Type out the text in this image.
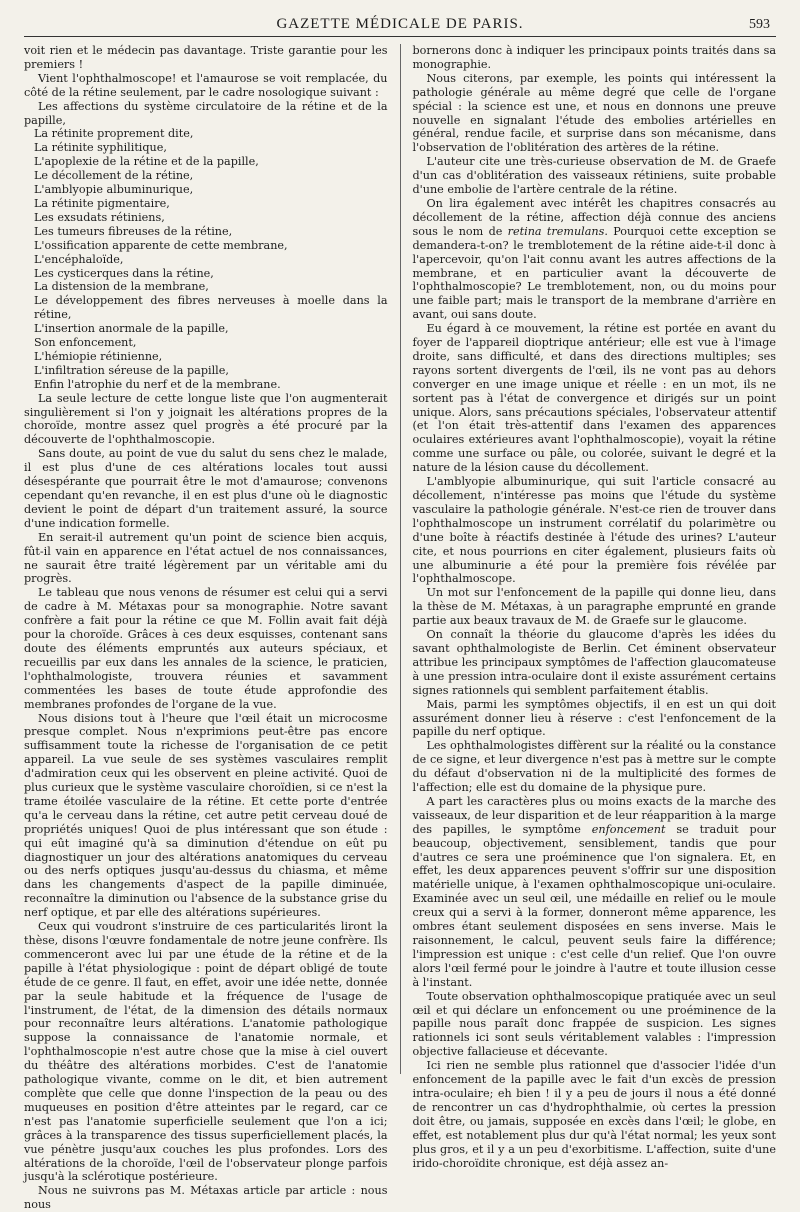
GAZETTE MÉDICALE DE PARIS.	593

voit rien et le médecin pas davantage. Triste garantie pour les premiers !

Vient l'ophthalmoscope! et l'amaurose se voit remplacée, du côté de la rétine seulement, par le cadre nosologique suivant :

Les affections du système circulatoire de la rétine et de la papille,

La rétinite proprement dite,
La rétinite syphilitique,
L'apoplexie de la rétine et de la papille,
Le décollement de la rétine,
L'amblyopie albuminurique,
La rétinite pigmentaire,
Les exsudats rétiniens,
Les tumeurs fibreuses de la rétine,
L'ossification apparente de cette membrane,
L'encéphaloïde,
Les cysticerques dans la rétine,
La distension de la membrane,
Le développement des fibres nerveuses à moelle dans la rétine,
L'insertion anormale de la papille,
Son enfoncement,
L'hémiopie rétinienne,
L'infiltration séreuse de la papille,
Enfin l'atrophie du nerf et de la membrane.

La seule lecture de cette longue liste que l'on augmenterait singulièrement si l'on y joignait les altérations propres de la choroïde, montre assez quel progrès a été procuré par la découverte de l'ophthalmoscopie.

Sans doute, au point de vue du salut du sens chez le malade, il est plus d'une de ces altérations locales tout aussi désespérante que pourrait être le mot d'amaurose; convenons cependant qu'en revanche, il en est plus d'une où le diagnostic devient le point de départ d'un traitement assuré, la source d'une indication formelle.

En serait-il autrement qu'un point de science bien acquis, fût-il vain en apparence en l'état actuel de nos connaissances, ne saurait être traité légèrement par un véritable ami du progrès.

Le tableau que nous venons de résumer est celui qui a servi de cadre à M. Métaxas pour sa monographie. Notre savant confrère a fait pour la rétine ce que M. Follin avait fait déjà pour la choroïde. Grâces à ces deux esquisses, contenant sans doute des éléments empruntés aux auteurs spéciaux, et recueillis par eux dans les annales de la science, le praticien, l'ophthalmologiste, trouvera réunies et savamment commentées les bases de toute étude approfondie des membranes profondes de l'organe de la vue.

Nous disions tout à l'heure que l'œil était un microcosme presque complet. Nous n'exprimions peut-être pas encore suffisamment toute la richesse de l'organisation de ce petit appareil. La vue seule de ses systèmes vasculaires remplit d'admiration ceux qui les observent en pleine activité. Quoi de plus curieux que le système vasculaire choroïdien, si ce n'est la trame étoilée vasculaire de la rétine. Et cette porte d'entrée qu'a le cerveau dans la rétine, cet autre petit cerveau doué de propriétés uniques! Quoi de plus intéressant que son étude : qui eût imaginé qu'à sa diminution d'étendue on eût pu diagnostiquer un jour des altérations anatomiques du cerveau ou des nerfs optiques jusqu'au-dessus du chiasma, et même dans les changements d'aspect de la papille diminuée, reconnaître la diminution ou l'absence de la substance grise du nerf optique, et par elle des altérations supérieures.

Ceux qui voudront s'instruire de ces particularités liront la thèse, disons l'œuvre fondamentale de notre jeune confrère. Ils commenceront avec lui par une étude de la rétine et de la papille à l'état physiologique : point de départ obligé de toute étude de ce genre. Il faut, en effet, avoir une idée nette, donnée par la seule habitude et la fréquence de l'usage de l'instrument, de l'état, de la dimension des détails normaux pour reconnaître leurs altérations. L'anatomie pathologique suppose la connaissance de l'anatomie normale, et l'ophthalmoscopie n'est autre chose que la mise à ciel ouvert du théâtre des altérations morbides. C'est de l'anatomie pathologique vivante, comme on le dit, et bien autrement complète que celle que donne l'inspection de la peau ou des muqueuses en position d'être atteintes par le regard, car ce n'est pas l'anatomie superficielle seulement que l'on a ici; grâces à la transparence des tissus superficiellement placés, la vue pénètre jusqu'aux couches les plus profondes. Lors des altérations de la choroïde, l'œil de l'observateur plonge parfois jusqu'à la sclérotique postérieure.

Nous ne suivrons pas M. Métaxas article par article : nous nous

bornerons donc à indiquer les principaux points traités dans sa monographie.

Nous citerons, par exemple, les points qui intéressent la pathologie générale au même degré que celle de l'organe spécial : la science est une, et nous en donnons une preuve nouvelle en signalant l'étude des embolies artérielles en général, rendue facile, et surprise dans son mécanisme, dans l'observation de l'oblitération des artères de la rétine.

L'auteur cite une très-curieuse observation de M. de Graefe d'un cas d'oblitération des vaisseaux rétiniens, suite probable d'une embolie de l'artère centrale de la rétine.

On lira également avec intérêt les chapitres consacrés au décollement de la rétine, affection déjà connue des anciens sous le nom de retina tremulans. Pourquoi cette exception se demandera-t-on? le tremblotement de la rétine aide-t-il donc à l'apercevoir, qu'on l'ait connu avant les autres affections de la membrane, et en particulier avant la découverte de l'ophthalmoscopie? Le tremblotement, non, ou du moins pour une faible part; mais le transport de la membrane d'arrière en avant, oui sans doute.

Eu égard à ce mouvement, la rétine est portée en avant du foyer de l'appareil dioptrique antérieur; elle est vue à l'image droite, sans difficulté, et dans des directions multiples; ses rayons sortent divergents de l'œil, ils ne vont pas au dehors converger en une image unique et réelle : en un mot, ils ne sortent pas à l'état de convergence et dirigés sur un point unique. Alors, sans précautions spéciales, l'observateur attentif (et l'on était très-attentif dans l'examen des apparences oculaires extérieures avant l'ophthalmoscopie), voyait la rétine comme une surface ou pâle, ou colorée, suivant le degré et la nature de la lésion cause du décollement.

L'amblyopie albuminurique, qui suit l'article consacré au décollement, n'intéresse pas moins que l'étude du système vasculaire la pathologie générale. N'est-ce rien de trouver dans l'ophthalmoscope un instrument corrélatif du polarimètre ou d'une boîte à réactifs destinée à l'étude des urines? L'auteur cite, et nous pourrions en citer également, plusieurs faits où une albuminurie a été pour la première fois révélée par l'ophthalmoscope.

Un mot sur l'enfoncement de la papille qui donne lieu, dans la thèse de M. Métaxas, à un paragraphe emprunté en grande partie aux beaux travaux de M. de Graefe sur le glaucome.

On connaît la théorie du glaucome d'après les idées du savant ophthalmologiste de Berlin. Cet éminent observateur attribue les principaux symptômes de l'affection glaucomateuse à une pression intra-oculaire dont il existe assurément certains signes rationnels qui semblent parfaitement établis.

Mais, parmi les symptômes objectifs, il en est un qui doit assurément donner lieu à réserve : c'est l'enfoncement de la papille du nerf optique.

Les ophthalmologistes diffèrent sur la réalité ou la constance de ce signe, et leur divergence n'est pas à mettre sur le compte du défaut d'observation ni de la multiplicité des formes de l'affection; elle est du domaine de la physique pure.

A part les caractères plus ou moins exacts de la marche des vaisseaux, de leur disparition et de leur réapparition à la marge des papilles, le symptôme enfoncement se traduit pour beaucoup, objectivement, sensiblement, tandis que pour d'autres ce sera une proéminence que l'on signalera. Et, en effet, les deux apparences peuvent s'offrir sur une disposition matérielle unique, à l'examen ophthalmoscopique uni-oculaire. Examinée avec un seul œil, une médaille en relief ou le moule creux qui a servi à la former, donneront même apparence, les ombres étant seulement disposées en sens inverse. Mais le raisonnement, le calcul, peuvent seuls faire la différence; l'impression est unique : c'est celle d'un relief. Que l'on ouvre alors l'œil fermé pour le joindre à l'autre et toute illusion cesse à l'instant.

Toute observation ophthalmoscopique pratiquée avec un seul œil et qui déclare un enfoncement ou une proéminence de la papille nous paraît donc frappée de suspicion. Les signes rationnels ici sont seuls véritablement valables : l'impression objective fallacieuse et décevante.

Ici rien ne semble plus rationnel que d'associer l'idée d'un enfoncement de la papille avec le fait d'un excès de pression intra-oculaire; eh bien ! il y a peu de jours il nous a été donné de rencontrer un cas d'hydrophthalmie, où certes la pression doit être, ou jamais, supposée en excès dans l'œil; le globe, en effet, est notablement plus dur qu'à l'état normal; les yeux sont plus gros, et il y a un peu d'exorbitisme. L'affection, suite d'une irido-choroïdite chronique, est déjà assez an-
